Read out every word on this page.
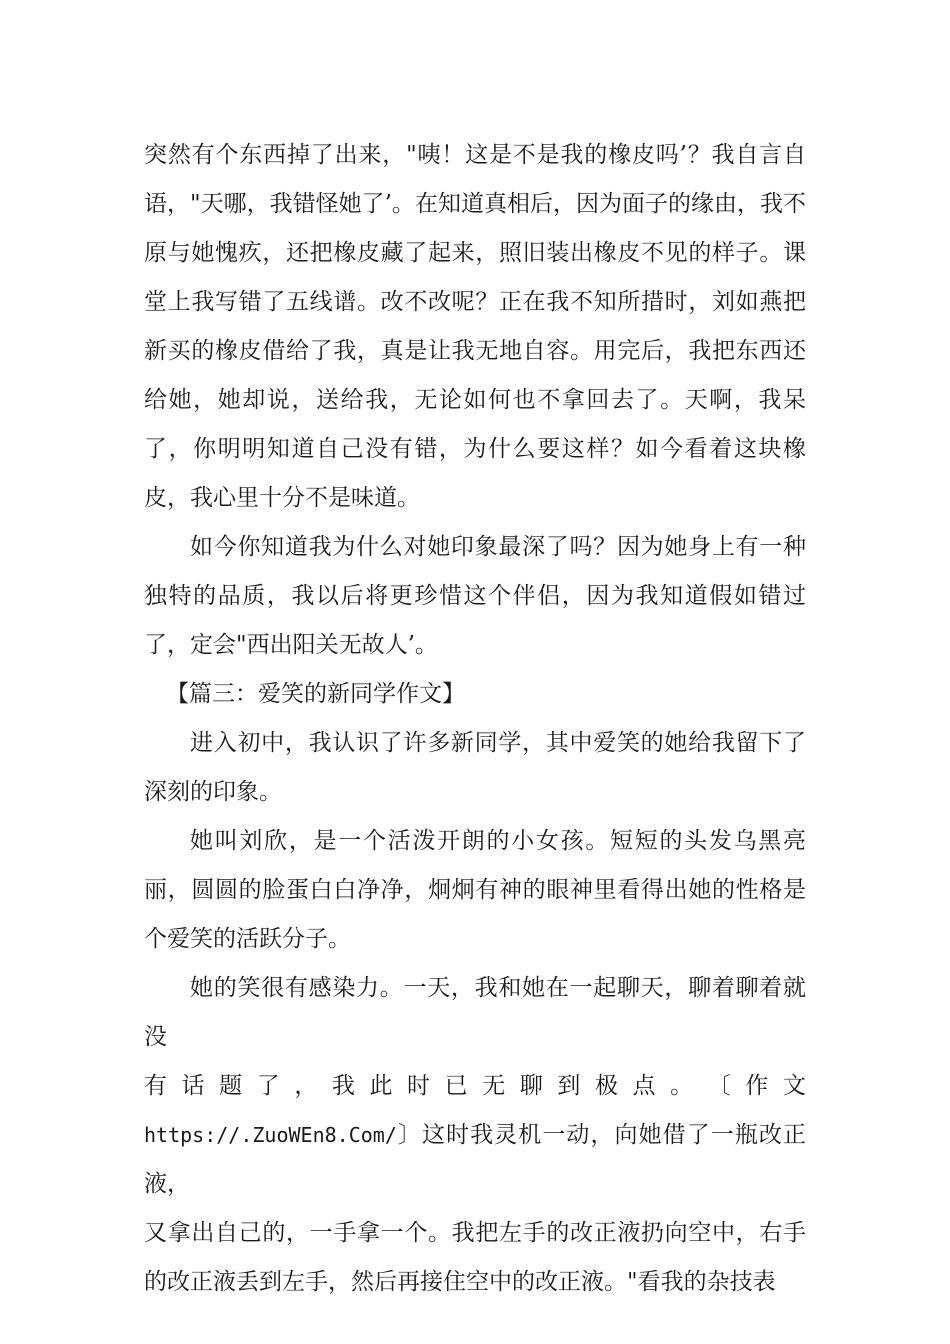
突然有个东西掉了出来，"咦！这是不是我的橡皮吗’？我自言自语，"天哪，我错怪她了’。在知道真相后，因为面子的缘由，我不原与她愧疚，还把橡皮藏了起来，照旧装出橡皮不见的样子。课堂上我写错了五线谱。改不改呢？正在我不知所措时，刘如燕把新买的橡皮借给了我，真是让我无地自容。用完后，我把东西还给她，她却说，送给我，无论如何也不拿回去了。天啊，我呆了，你明明知道自己没有错，为什么要这样？如今看着这块橡皮，我心里十分不是味道。

如今你知道我为什么对她印象最深了吗？因为她身上有一种独特的品质，我以后将更珍惜这个伴侣，因为我知道假如错过了，定会"西出阳关无故人’。

【篇三：爱笑的新同学作文】

进入初中，我认识了许多新同学，其中爱笑的她给我留下了深刻的印象。

她叫刘欣，是一个活泼开朗的小女孩。短短的头发乌黑亮丽，圆圆的脸蛋白白净净，炯炯有神的眼神里看得出她的性格是个爱笑的活跃分子。

她的笑很有感染力。一天，我和她在一起聊天，聊着聊着就没

有 话 题 了 ， 我 此 时 已 无 聊 到 极 点 。 〔 作 文

https://.ZuoWEn8.Com/〕这时我灵机一动，向她借了一瓶改正液，

又拿出自己的，一手拿一个。我把左手的改正液扔向空中，右手的改正液丢到左手，然后再接住空中的改正液。"看我的杂技表
